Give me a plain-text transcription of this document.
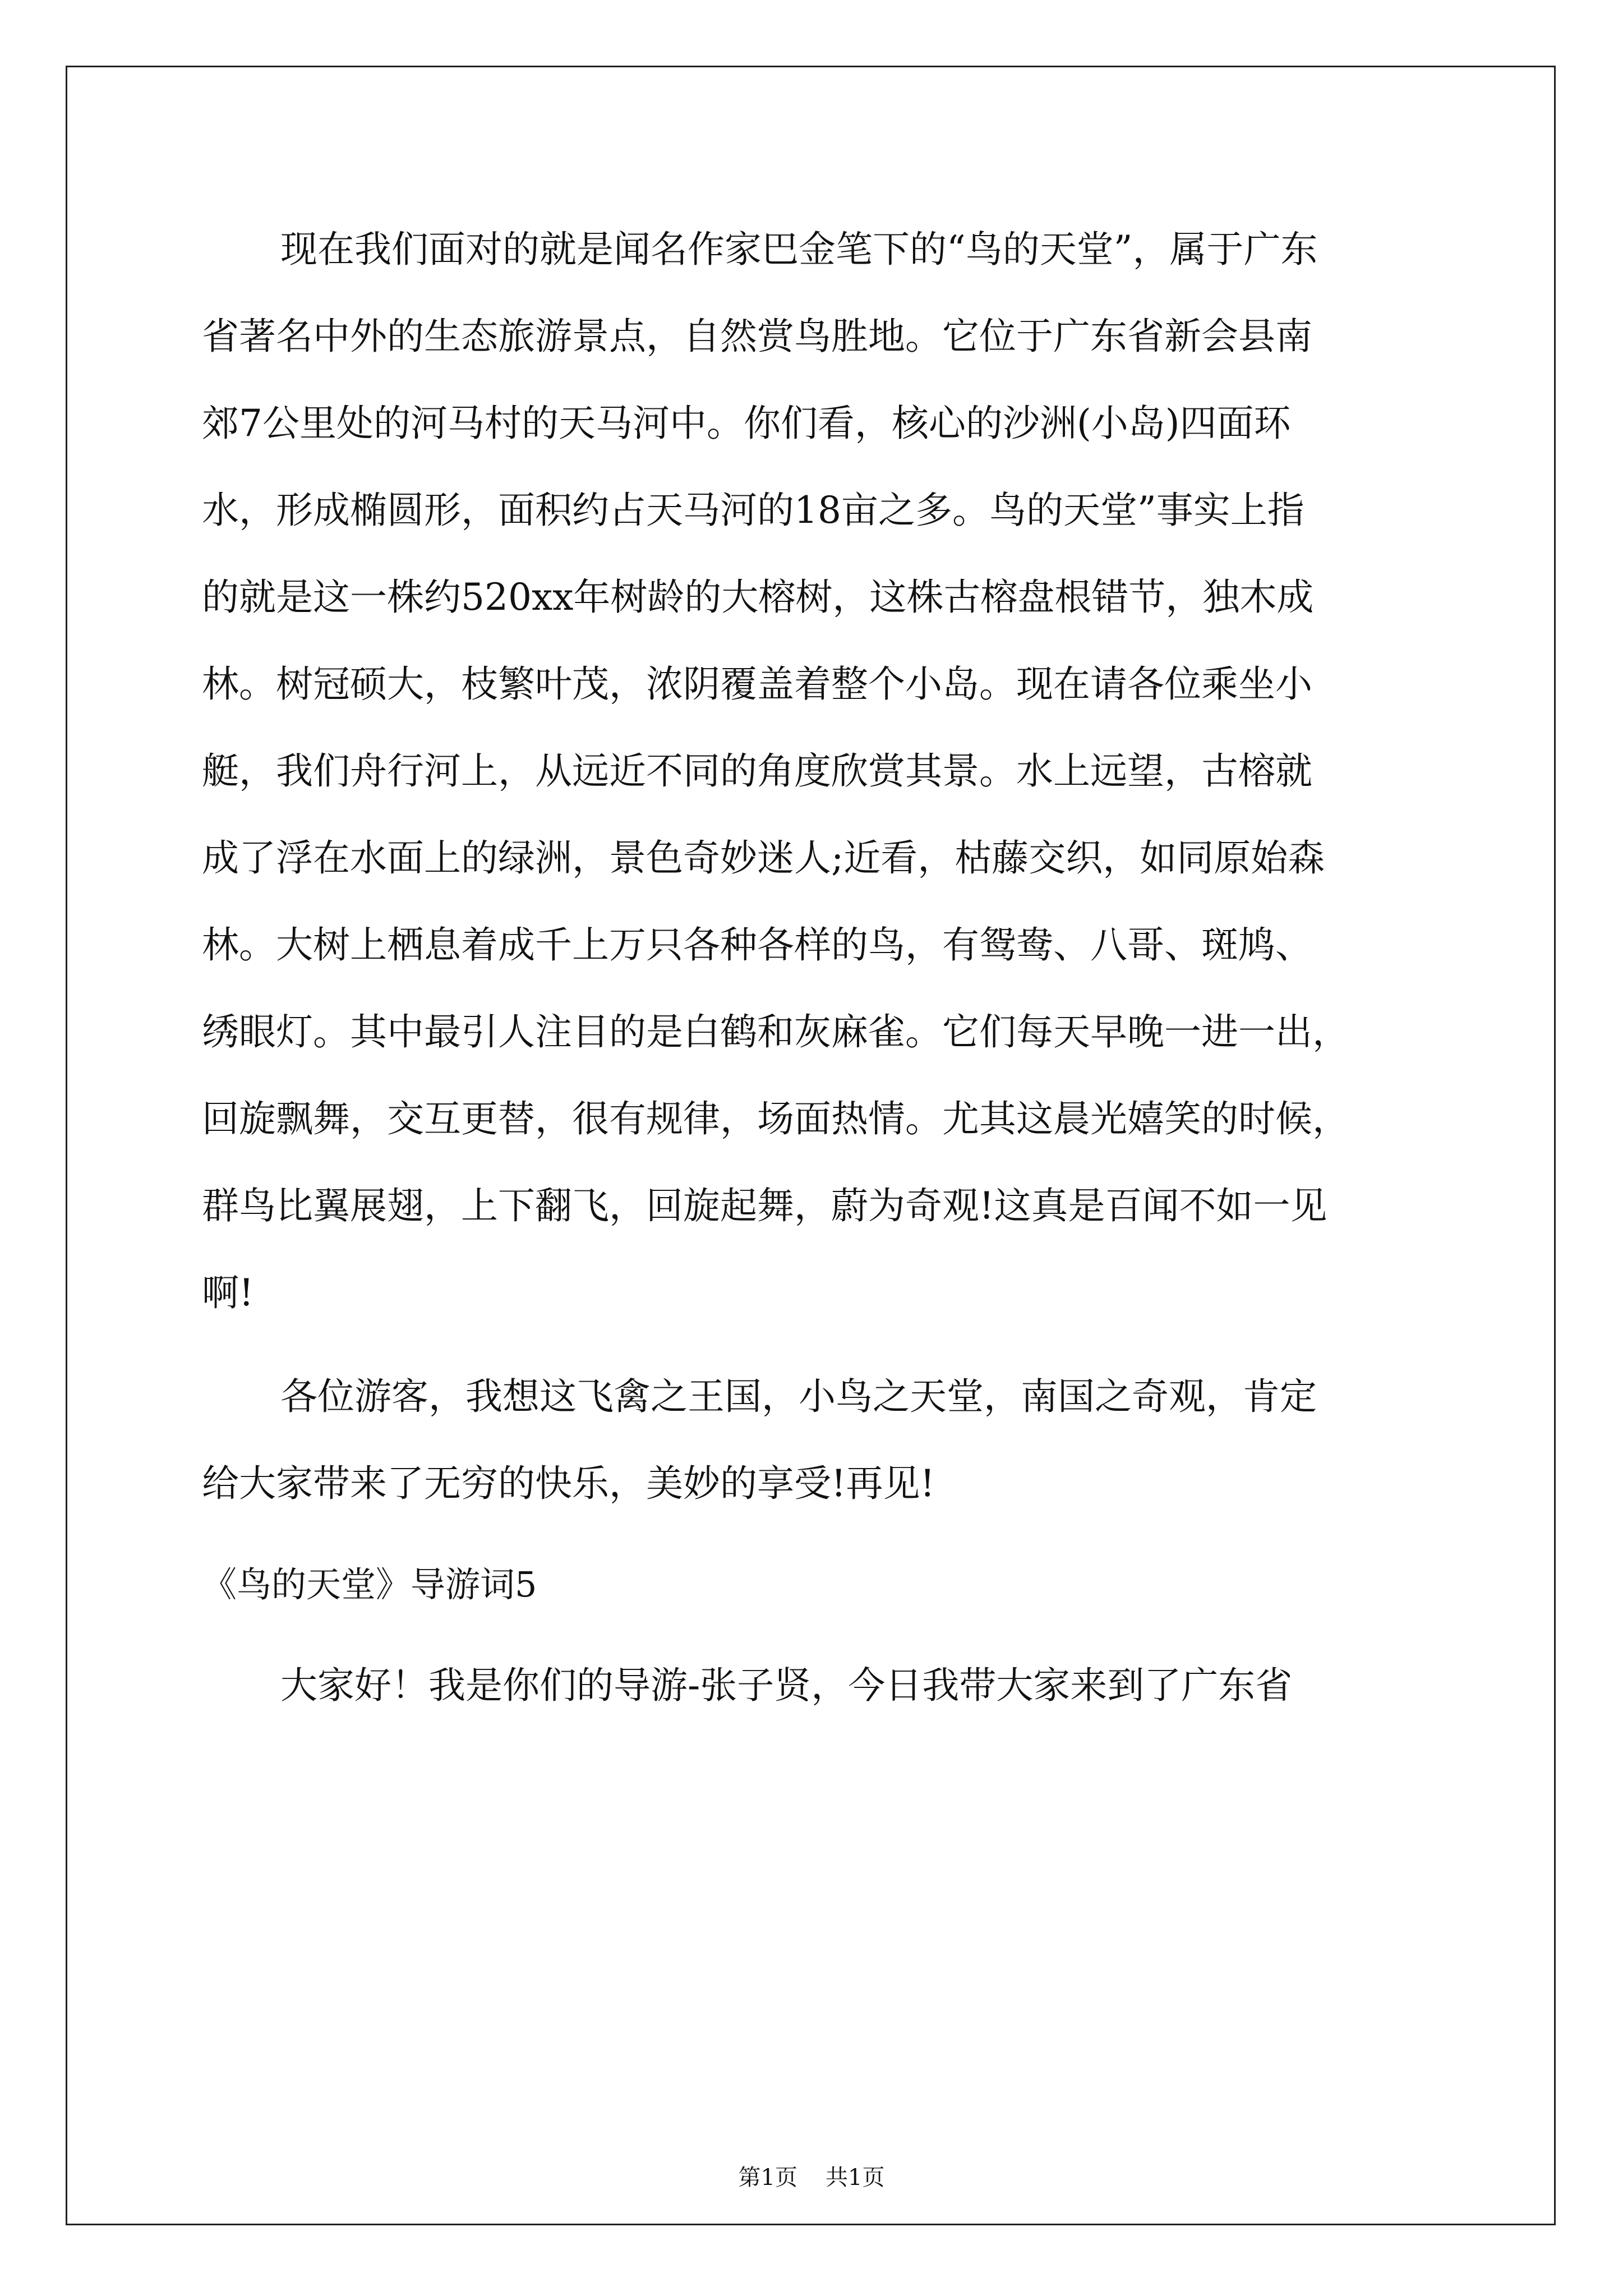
现在我们面对的就是闻名作家巴金笔下的“鸟的天堂”，属于广东

省著名中外的生态旅游景点，自然赏鸟胜地。它位于广东省新会县南

郊7公里处的河马村的天马河中。你们看，核心的沙洲(小岛)四面环

水，形成椭圆形，面积约占天马河的18亩之多。鸟的天堂”事实上指

的就是这一株约520xx年树龄的大榕树，这株古榕盘根错节，独木成

林。树冠硕大，枝繁叶茂，浓阴覆盖着整个小岛。现在请各位乘坐小

艇，我们舟行河上，从远近不同的角度欣赏其景。水上远望，古榕就

成了浮在水面上的绿洲，景色奇妙迷人;近看，枯藤交织，如同原始森

林。大树上栖息着成千上万只各种各样的鸟，有鸳鸯、八哥、斑鸠、

绣眼灯。其中最引人注目的是白鹤和灰麻雀。它们每天早晚一进一出，

回旋飘舞，交互更替，很有规律，场面热情。尤其这晨光嬉笑的时候，

群鸟比翼展翅，上下翻飞，回旋起舞，蔚为奇观!这真是百闻不如一见

啊!

各位游客，我想这飞禽之王国，小鸟之天堂，南国之奇观，肯定

给大家带来了无穷的快乐，美妙的享受!再见!

《鸟的天堂》导游词5

大家好！我是你们的导游-张子贤，今日我带大家来到了广东省

第1页 共1页
